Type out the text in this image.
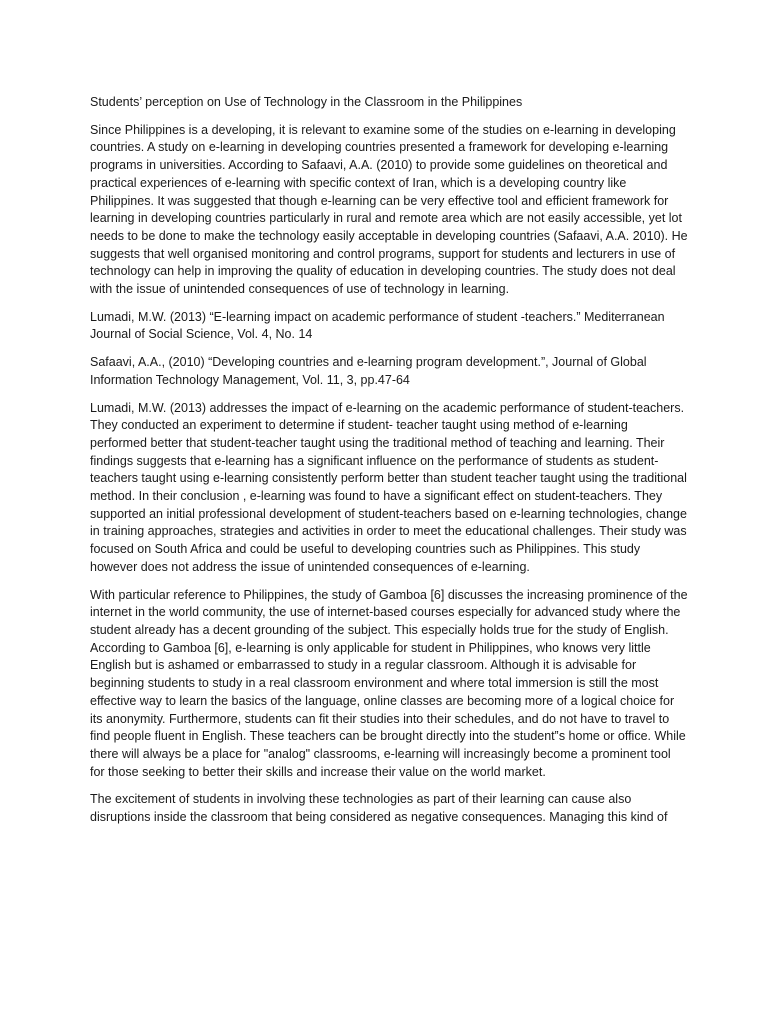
Students’ perception on Use of Technology in the Classroom in the Philippines

Since Philippines is a developing, it is relevant to examine some of the studies on e-learning in developing countries. A study on e-learning in developing countries presented a framework for developing e-learning programs in universities. According to Safaavi, A.A. (2010) to provide some guidelines on theoretical and practical experiences of e-learning with specific context of Iran, which is a developing country like Philippines. It was suggested that though e-learning can be very effective tool and efficient framework for learning in developing countries particularly in rural and remote area which are not easily accessible, yet lot needs to be done to make the technology easily acceptable in developing countries (Safaavi, A.A. 2010). He suggests that well organised monitoring and control programs, support for students and lecturers in use of technology can help in improving the quality of education in developing countries. The study does not deal with the issue of unintended consequences of use of technology in learning.

Lumadi, M.W. (2013) “E-learning impact on academic performance of student -teachers.” Mediterranean Journal of Social Science, Vol. 4, No. 14

Safaavi, A.A., (2010) “Developing countries and e-learning program development.”, Journal of Global Information Technology Management, Vol. 11, 3, pp.47-64

Lumadi, M.W. (2013) addresses the impact of e-learning on the academic performance of student-teachers. They conducted an experiment to determine if student- teacher taught using method of e-learning performed better that student-teacher taught using the traditional method of teaching and learning. Their findings suggests that e-learning has a significant influence on the performance of students as student-teachers taught using e-learning consistently perform better than student teacher taught using the traditional method. In their conclusion , e-learning was found to have a significant effect on student-teachers. They supported an initial professional development of student-teachers based on e-learning technologies, change in training approaches, strategies and activities in order to meet the educational challenges. Their study was focused on South Africa and could be useful to developing countries such as Philippines. This study however does not address the issue of unintended consequences of e-learning.

With particular reference to Philippines, the study of Gamboa [6] discusses the increasing prominence of the internet in the world community, the use of internet-based courses especially for advanced study where the student already has a decent grounding of the subject. This especially holds true for the study of English. According to Gamboa [6], e-learning is only applicable for student in Philippines, who knows very little English but is ashamed or embarrassed to study in a regular classroom. Although it is advisable for beginning students to study in a real classroom environment and where total immersion is still the most effective way to learn the basics of the language, online classes are becoming more of a logical choice for its anonymity. Furthermore, students can fit their studies into their schedules, and do not have to travel to find people fluent in English. These teachers can be brought directly into the student‟s home or office. While there will always be a place for "analog" classrooms, e-learning will increasingly become a prominent tool for those seeking to better their skills and increase their value on the world market.

The excitement of students in involving these technologies as part of their learning can cause also disruptions inside the classroom that being considered as negative consequences. Managing this kind of
